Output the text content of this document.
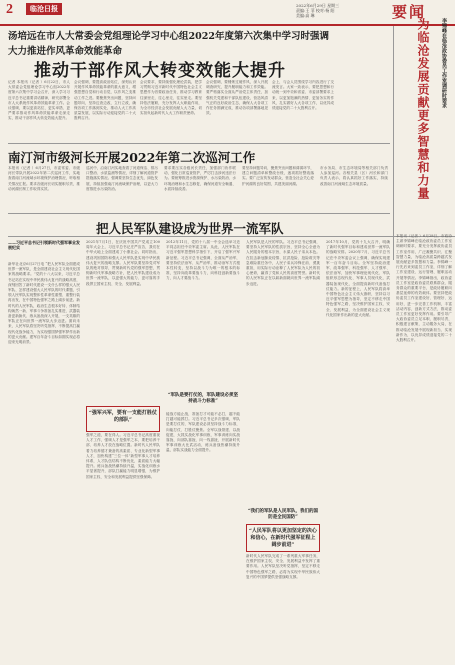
2	临沧日报	2022年6月29日 星期三
责编:王 菲 校对:杨 阳
美编:高 琳	要闻
汤培远在市人大常委会党组理论学习中心组2022年度第六次集中学习时强调
大力推进作风革命效能革命
推动干部作风大转变效能大提升
记者 本报讯（记者 ）6月22日，市人大常委会党组理论学习中心组2022年度第六次集中学习会召开，深入学习习近平总书记重要讲话精神，研究部署全市人大系统作风革命效能革命工作。会议强调，要以更高站位、更实举措、更严要求推动作风革命效能革命走深走实，推动干部作风大转变效能大提升。
会议强调，要提高政治站位，深刻认识开展作风革命效能革命的重大意义，增强思想自觉和行动自觉，以作风之变推动工作之进。要聚焦突出问题，坚持问题导向，坚持边查边改、立行立改，确保各项工作落到实处，推动人大工作高质量发展，以实际行动迎接党的二十大胜利召开。
会议要求，要持续强化理论武装，把学习贯彻习近平新时代中国特色社会主义思想作为首要政治任务，推动学习教育往深里走、往心里走、往实里走。要坚持依法履职，充分发挥人大职能作用，为全市经济社会发展贡献人大力量，切实担负起新时代人大工作职责使命。
会议强调，要锤炼过硬作风，深入开展调查研究，提升履职能力和工作效能。要严格落实全面从严治党主体责任，加强机关党建和干部队伍建设，营造风清气正的良好政治生态，确保人大各项工作任务圆满完成，推动各项部署落地见效。
会上，与会人员围绕学习内容进行了交流发言。大家一致表示，要把思想和行动统一到中央和省委、市委部署要求上来，以更加饱满的热情、更加务实的作风，扎实做好人大各项工作，以优异成绩迎接党的二十大胜利召开。
南汀河市级河长开展2022年第二次巡河工作
本报讯（记者 ）6月27日，市委常委、市级河长带队开展2022年第二次巡河工作，实地查看南汀河流域水环境保护治理情况，听取相关情况汇报。要求各级河长切实履职尽责，推动河湖长制工作取得实效。
巡河中，沿南汀河实地查看了河道保洁、排污口整治、水质监测等情况，详细了解河道管护措施落实情况。强调要坚持生态优先、绿色发展，持续加强南汀河流域保护治理，以更大力度推进水污染防治。
要求要压实各级河长责任，加强部门协作联动，强化日常巡查管护，严厉打击涉河违法行为。要统筹推进水资源保护、水污染防治、水环境治理和水生态修复，确保河道安全畅通、水质持续改善。
要坚持问题导向，聚焦突出问题和薄弱环节，建立问题清单和整改台账，逐项抓好整改落实。要广泛宣传发动群众，营造全社会关心爱护河湖的良好氛围，共建美丽河湖。
市水务局、市生态环境局等相关部门负责人参加巡河。各相关县（区）河长和部门负责人表示，将认真抓好工作落实，持续改善南汀河流域生态环境质量。
把人民军队建设成为世界一流军队
——习近平总书记引领新时代强军事业发展纪实
新华社北京6月27日电 “把人民军队全面建成世界一流军队，是全面建设社会主义现代化国家的战略要求。”党的十八大以来，习近平总书记站在实现中华民族伟大复兴的战略高度，深刻回答了新时代建设一支什么样的强大人民军队、怎样建设强大人民军队的时代课题，引领人民军队实现整体性革命性重塑、重整行装再出发，在中国特色强军之路上阔步前进。新时代的人民军队，政治生态根本好转、体制结构焕然一新、军事斗争准备扎实推进、武器装备更新换代、练兵备战深入开展，一支英雄的军队正在向世界一流军队大步迈进。面向未来，人民军队将坚决听党指挥，不断提高打赢现代化战争能力，为实现强国梦强军梦作出新的更大贡献。建军百年奋斗目标如期实现必将迎来光明前景。
2021年7月1日，在庆祝中国共产党成立100周年大会上，习近平总书记庄严宣告，我们在中华大地上全面建成了小康社会。同时指出，建设巩固国防和强大人民军队是实现中华民族伟大复兴的战略支撑。人民军队要坚持党对军队的绝对领导，贯彻新时代党的强军思想，贯彻新时代军事战略方针，把人民军队建设成为世界一流军队，以更强大的能力、更可靠的手段捍卫国家主权、安全、发展利益。
“强军兴军，要有一支能打胜仗的部队”
强军之道，要在得人。习近平总书记高度重视人才工作，强调人才是强军之本，要把培养干部、培养人才放在战略位置。新时代人民军队着力培养德才兼备的高素质、专业化新型军事人才，加快构建“三位一体”新型军事人才培养体系，人才队伍结构不断优化，素质能力大幅提升。练兵备战热潮持续升温，实战化训练水平显著提升，部队打赢能力明显增强，为维护国家主权、安全和发展利益提供坚强保障。
2012年11月，党的十八届一中全会选举习近平同志担任中央军委主席。从此，人民军队在习近平强军思想科学指引下，开启了强军兴军新征程。习近平总书记强调，全面从严治军，要坚持依法治军、从严治军，推动治军方式根本性转变，坚持以战斗力为唯一的根本的标准，坚持向改革要战斗力，向科技创新要战斗力，向人才要战斗力。
“军队是要打仗的，军队建设必须坚持战斗力标准”
能战方能止战，准备打才可能不必打，越不能打越可能挨打。习近平总书记多次强调，军队是要打仗的，军队建设必须坚持战斗力标准，向能打仗、打胜仗聚焦。全军以战领建、以战促建，大抓实战化军事训练，军事训练向实战靠拢、向部队靠拢、向一线靠拢，开展新时代军事训练大比武活动，练兵备战热潮持续升温，部队实战能力全面提升。
人民军队是人民的军队。习近平总书记强调，要坚持人民军队的性质宗旨，坚持全心全意为人民服务的根本宗旨，永葆人民子弟兵本色。在抗击新冠肺炎疫情、抗洪抢险、抢险救灾等急难险重任务中，人民子弟兵冲锋在前、勇挑重担，用实际行动诠释了人民军队为人民的初心使命，赢得了党和人民的高度赞誉。新时代的人民军队正在以崭新面貌向世界一流军队阔步迈进。
“我们的军队是人民军队，我们的国防是全民国防”
“人民军队将以更加坚定的决心和信心，在新时代强军征程上阔步前进”
新时代人民军队完成了一系列重大军事任务，在维护国家主权、安全、发展利益中发挥了重要作用。人民军队坚决听党指挥，坚定不移走中国特色强军之路，必将为实现中华民族伟大复兴的中国梦提供坚强战略支撑。
2017年10月，党的十九大召开，明确了新时代强军目标和建成世界一流军队的战略安排。2020年7月，习近平总书记在中央军委会议上强调，确保实现建军一百年奋斗目标。全军坚持政治建军、改革强军、科技强军、人才强军、依法治军，加快军事理论现代化、军队组织形态现代化、军事人员现代化、武器装备现代化，全面提高新时代备战打仗能力。新的征程上，人民军队将高举中国特色社会主义伟大旗帜，坚持以习近平强军思想为指导，坚定不移走中国特色强军之路，坚决维护国家主权、安全、发展利益，为全面建设社会主义现代化国家作出新的更大贡献。
李锦峰在临沧政协委员工作室调研时要求
为临沧发展贡献更多智慧和力量
本报讯（记者 ）6月28日，市政协主席李锦峰在临沧政协委员工作室调研时要求，要充分发挥政协委员工作室作用，广泛凝聚共识、汇聚智慧力量，为临沧高质量跨越式发展贡献更多智慧和力量。李锦峰一行先后来到委员工作室，详细了解工作室建设、运行管理、履职活动开展等情况。李锦峰指出，政协委员工作室是政协委员联系群众、服务群众的重要平台，是政协履职向基层延伸的有效载体。要坚持把政协委员工作室建设好、管理好、运用好，进一步完善工作机制，丰富活动内容，创新方式方法，推动委员工作室更好发挥作用。要引导广大政协委员立足本职、履职尽责，积极建言献策，主动服务大局，在推动临沧发展中展现新担当、实现新作为，以优异成绩迎接党的二十大胜利召开。
